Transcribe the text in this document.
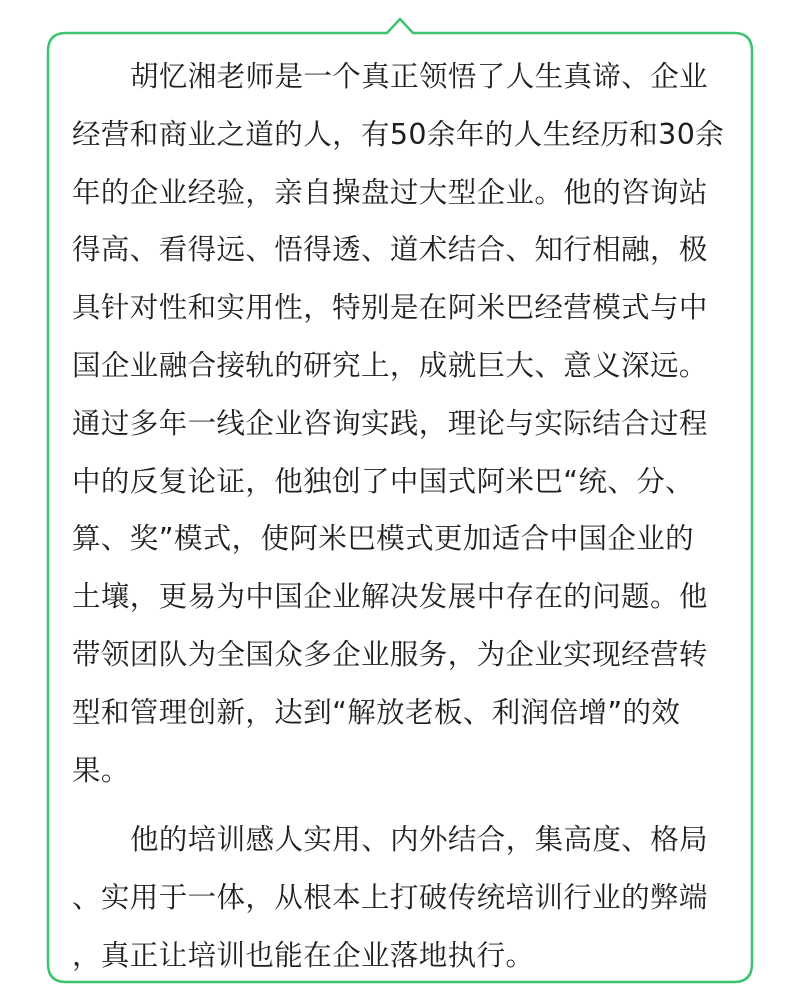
胡忆湘老师是一个真正领悟了人生真谛、企业
经营和商业之道的人，有50余年的人生经历和30余
年的企业经验，亲自操盘过大型企业。他的咨询站
得高、看得远、悟得透、道术结合、知行相融，极
具针对性和实用性，特别是在阿米巴经营模式与中
国企业融合接轨的研究上，成就巨大、意义深远。
通过多年一线企业咨询实践，理论与实际结合过程
中的反复论证，他独创了中国式阿米巴“统、分、
算、奖”模式，使阿米巴模式更加适合中国企业的
土壤，更易为中国企业解决发展中存在的问题。他
带领团队为全国众多企业服务，为企业实现经营转
型和管理创新，达到“解放老板、利润倍增”的效
果。
他的培训感人实用、内外结合，集高度、格局
、实用于一体，从根本上打破传统培训行业的弊端
，真正让培训也能在企业落地执行。
